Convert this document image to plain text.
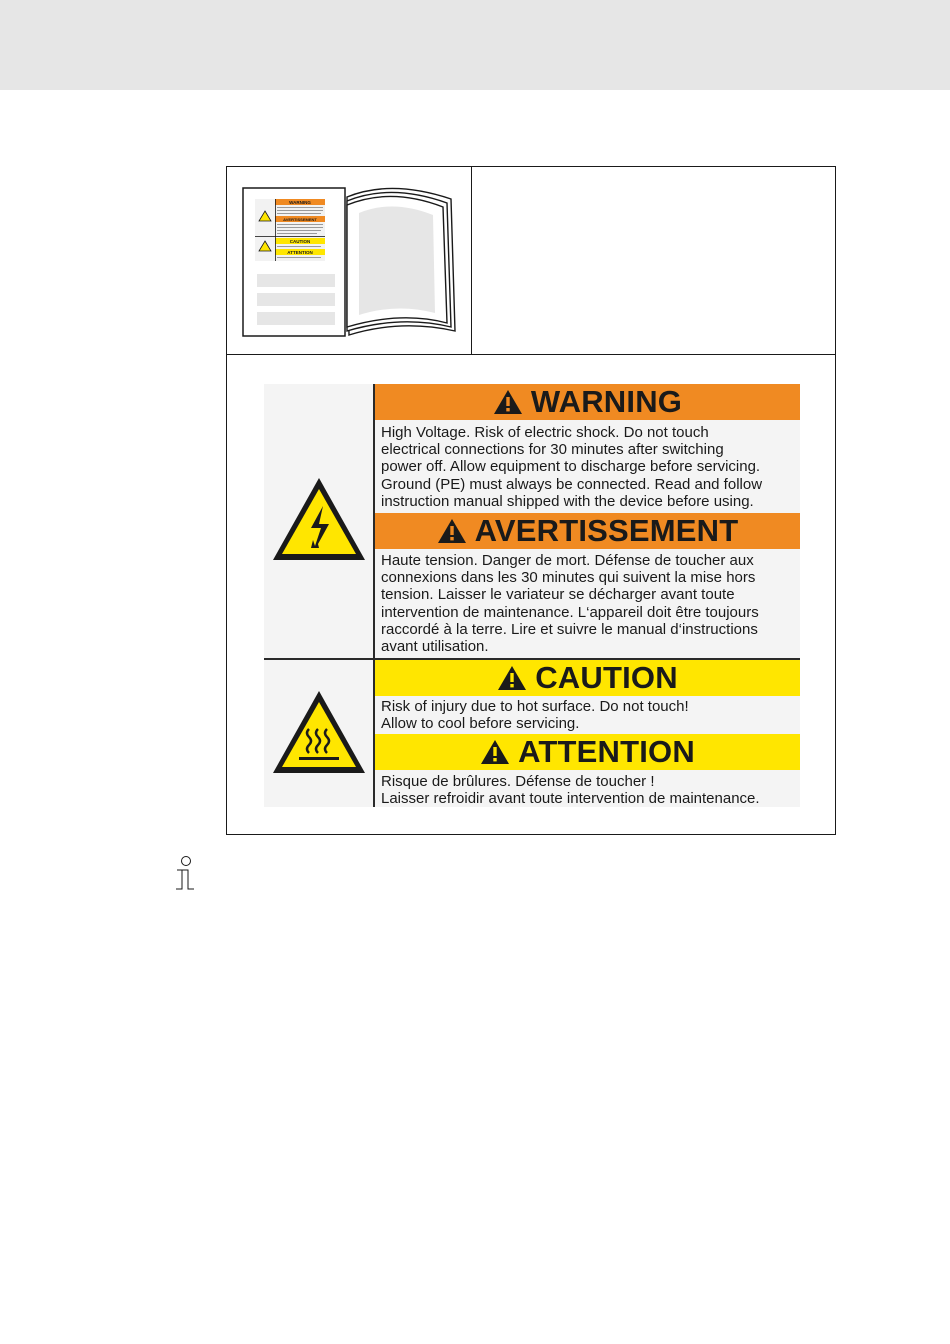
WARNING
AVERTISSEMENT
CAUTION
ATTENTION
WARNING
High Voltage. Risk of electric shock. Do not touch
electrical connections for 30 minutes after switching
power off. Allow equipment to discharge before servicing.
Ground (PE) must always be connected. Read and follow
instruction manual shipped with the device before using.
AVERTISSEMENT
Haute tension. Danger de mort. Défense de toucher aux
connexions dans les 30 minutes qui suivent la mise hors
tension. Laisser le variateur se décharger avant toute
intervention de maintenance. L‘appareil doit être toujours
raccordé à la terre. Lire et suivre le manual d‘instructions
avant utilisation.
CAUTION
Risk of injury due to hot surface. Do not touch!
Allow to cool before servicing.
ATTENTION
Risque de brûlures. Défense de toucher !
Laisser refroidir avant toute intervention de maintenance.
